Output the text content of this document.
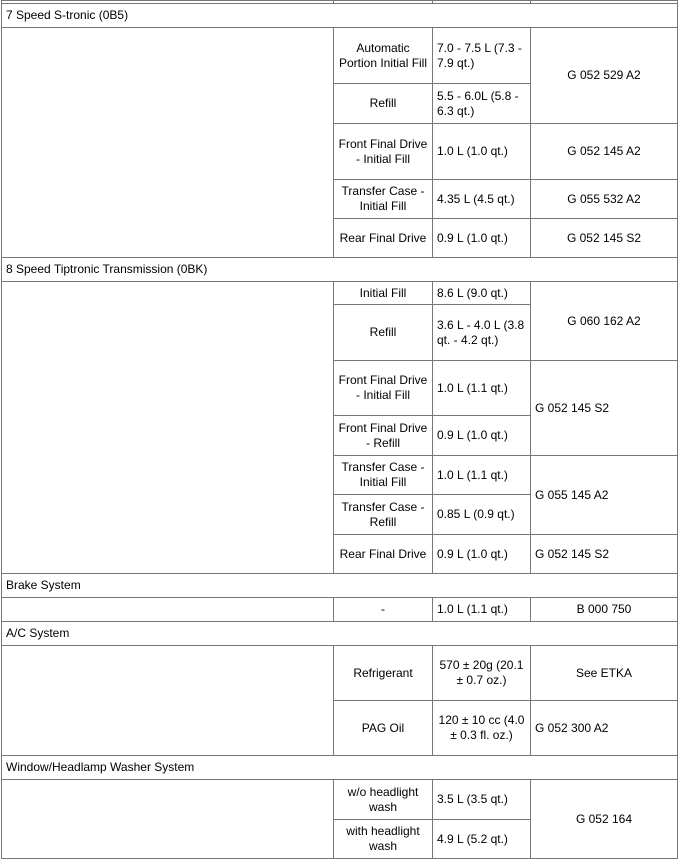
7 Speed S-tronic (0B5)			
	Automatic Portion Initial Fill	7.0 - 7.5 L (7.3 - 7.9 qt.)	G 052 529 A2
	Refill	5.5 - 6.0L (5.8 - 6.3 qt.)	
	Front Final Drive - Initial Fill	1.0 L (1.0 qt.)	G 052 145 A2
	Transfer Case - Initial Fill	4.35 L (4.5 qt.)	G 055 532 A2
	Rear Final Drive	0.9 L (1.0 qt.)	G 052 145 S2
8 Speed Tiptronic Transmission (0BK)			
	Initial Fill	8.6 L (9.0 qt.)	G 060 162 A2
	Refill	3.6 L - 4.0 L (3.8 qt. - 4.2 qt.)	
	Front Final Drive - Initial Fill	1.0 L (1.1 qt.)	G 052 145 S2
	Front Final Drive - Refill	0.9 L (1.0 qt.)	
	Transfer Case - Initial Fill	1.0 L (1.1 qt.)	G 055 145 A2
	Transfer Case - Refill	0.85 L (0.9 qt.)	
	Rear Final Drive	0.9 L (1.0 qt.)	G 052 145 S2
Brake System			
	-	1.0 L (1.1 qt.)	B 000 750
A/C System			
	Refrigerant	570 ± 20g (20.1 ± 0.7 oz.)	See ETKA
	PAG Oil	120 ± 10 cc (4.0 ± 0.3 fl. oz.)	G 052 300 A2
Window/Headlamp Washer System			
	w/o headlight wash	3.5 L (3.5 qt.)	G 052 164
	with headlight wash	4.9 L (5.2 qt.)	
